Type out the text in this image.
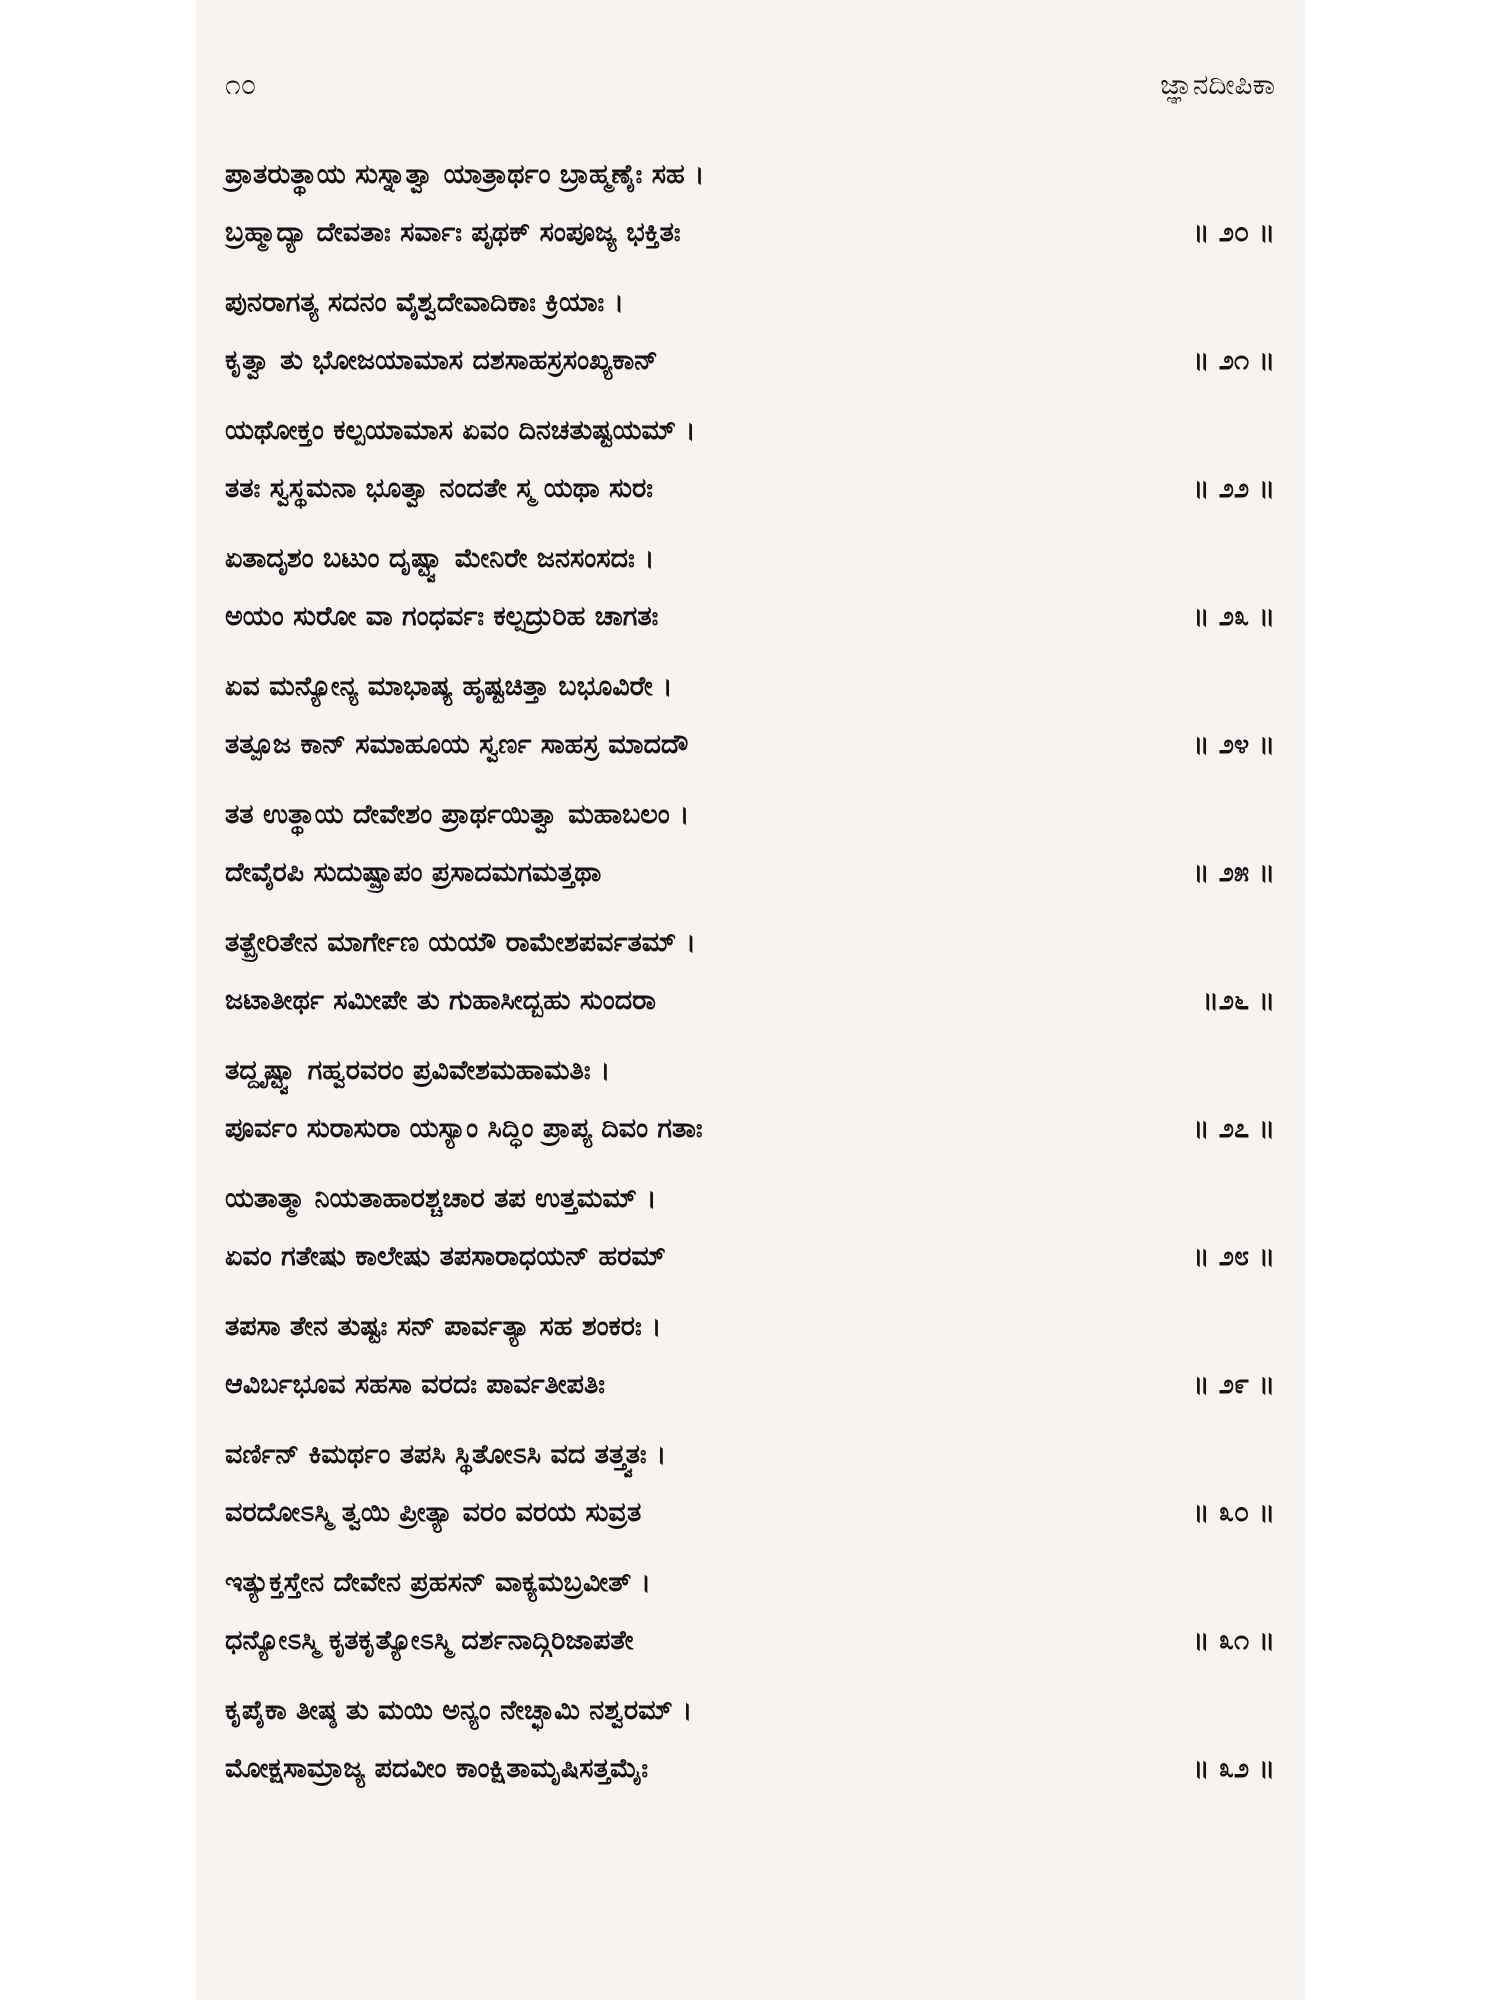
೧೦	ಜ್ಞಾನದೀಪಿಕಾ
ಪ್ರಾತರುತ್ಥಾಯ ಸುಸ್ನಾತ್ವಾ ಯಾತ್ರಾರ್ಥಂ ಬ್ರಾಹ್ಮಣೈಃ ಸಹ ।
ಬ್ರಹ್ಮಾದ್ಯಾ ದೇವತಾಃ ಸರ್ವಾಃ ಪೃಥಕ್ ಸಂಪೂಜ್ಯ ಭಕ್ತಿತಃ	॥ ೨೦ ॥
ಪುನರಾಗತ್ಯ ಸದನಂ ವೈಶ್ವದೇವಾದಿಕಾಃ ಕ್ರಿಯಾಃ ।
ಕೃತ್ವಾ ತು ಭೋಜಯಾಮಾಸ ದಶಸಾಹಸ್ರಸಂಖ್ಯಕಾನ್	॥ ೨೧ ॥
ಯಥೋಕ್ತಂ ಕಲ್ಪಯಾಮಾಸ ಏವಂ ದಿನಚತುಷ್ಟಯಮ್ ।
ತತಃ ಸ್ವಸ್ಥಮನಾ ಭೂತ್ವಾ ನಂದತೇ ಸ್ಮ ಯಥಾ ಸುರಃ	॥ ೨೨ ॥
ಏತಾದೃಶಂ ಬಟುಂ ದೃಷ್ಟ್ವಾ ಮೇನಿರೇ ಜನಸಂಸದಃ ।
ಅಯಂ ಸುರೋ ವಾ ಗಂಧರ್ವಃ ಕಲ್ಪದ್ರುರಿಹ ಚಾಗತಃ	॥ ೨೩ ॥
ಏವ ಮನ್ಯೋನ್ಯ ಮಾಭಾಷ್ಯ ಹೃಷ್ಟಚಿತ್ತಾ ಬಭೂವಿರೇ ।
ತತ್ಪೂಜ ಕಾನ್ ಸಮಾಹೂಯ ಸ್ವರ್ಣ ಸಾಹಸ್ರ ಮಾದದೌ	॥ ೨೪ ॥
ತತ ಉತ್ಥಾಯ ದೇವೇಶಂ ಪ್ರಾರ್ಥಯಿತ್ವಾ ಮಹಾಬಲಂ ।
ದೇವೈರಪಿ ಸುದುಷ್ಪ್ರಾಪಂ ಪ್ರಸಾದಮಗಮತ್ತಥಾ	॥ ೨೫ ॥
ತತ್ಪ್ರೇರಿತೇನ ಮಾರ್ಗೇಣ ಯಯೌ ರಾಮೇಶಪರ್ವತಮ್ ।
ಜಟಾತೀರ್ಥ ಸಮೀಪೇ ತು ಗುಹಾಸೀದ್ಬಹು ಸುಂದರಾ	॥೨೬ ॥
ತದ್ದೃಷ್ಟ್ವಾ ಗಹ್ವರವರಂ ಪ್ರವಿವೇಶಮಹಾಮತಿಃ ।
ಪೂರ್ವಂ ಸುರಾಸುರಾ ಯಸ್ಯಾಂ ಸಿದ್ಧಿಂ ಪ್ರಾಪ್ಯ ದಿವಂ ಗತಾಃ	॥ ೨೭ ॥
ಯತಾತ್ಮಾ ನಿಯತಾಹಾರಶ್ಚಚಾರ ತಪ ಉತ್ತಮಮ್ ।
ಏವಂ ಗತೇಷು ಕಾಲೇಷು ತಪಸಾರಾಧಯನ್ ಹರಮ್	॥ ೨೮ ॥
ತಪಸಾ ತೇನ ತುಷ್ಟಃ ಸನ್ ಪಾರ್ವತ್ಯಾ ಸಹ ಶಂಕರಃ ।
ಆವಿರ್ಬಭೂವ ಸಹಸಾ ವರದಃ ಪಾರ್ವತೀಪತಿಃ	॥ ೨೯ ॥
ವರ್ಣಿನ್ ಕಿಮರ್ಥಂ ತಪಸಿ ಸ್ಥಿತೋಽಸಿ ವದ ತತ್ತ್ವತಃ ।
ವರದೋಽಸ್ಮಿ ತ್ವಯಿ ಪ್ರೀತ್ಯಾ ವರಂ ವರಯ ಸುವ್ರತ	॥ ೩೦ ॥
ಇತ್ಯುಕ್ತಸ್ತೇನ ದೇವೇನ ಪ್ರಹಸನ್ ವಾಕ್ಯಮಬ್ರವೀತ್ ।
ಧನ್ಯೋಽಸ್ಮಿ ಕೃತಕೃತ್ಯೋಽಸ್ಮಿ ದರ್ಶನಾದ್ಗಿರಿಜಾಪತೇ	॥ ೩೧ ॥
ಕೃಪೈಕಾ ತೀಷ್ಠ ತು ಮಯಿ ಅನ್ಯಂ ನೇಚ್ಛಾಮಿ ನಶ್ವರಮ್ ।
ಮೋಕ್ಷಸಾಮ್ರಾಜ್ಯ ಪದವೀಂ ಕಾಂಕ್ಷಿತಾಮೃಷಿಸತ್ತಮೈಃ	॥ ೩೨ ॥
